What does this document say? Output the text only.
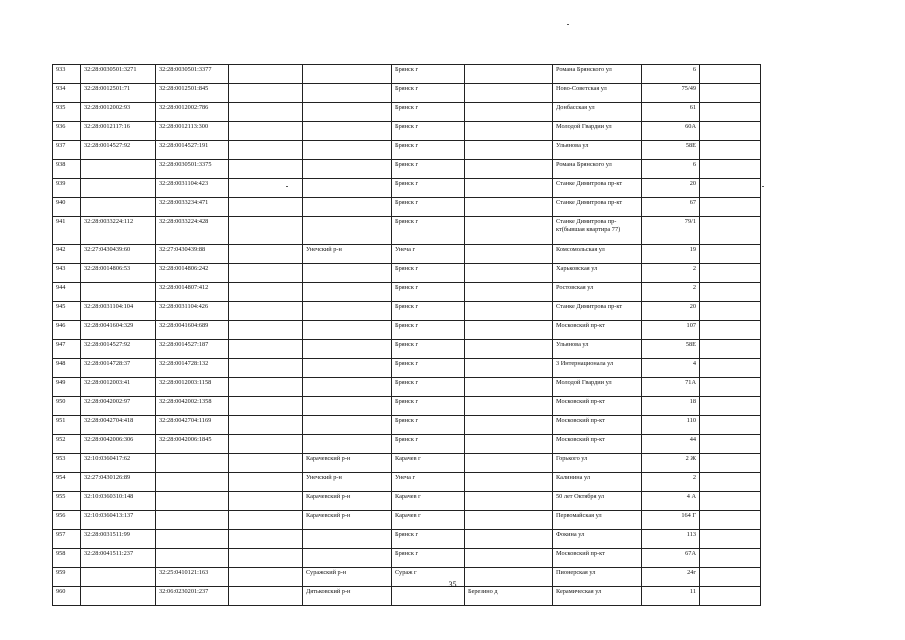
933	32:28:0030501:3271	32:28:0030501:3377			Брянск г		Романа Брянского ул	6	
934	32:28:0012501:71	32:28:0012501:845			Брянск г		Ново-Советская ул	75/49	
935	32:28:0012002:93	32:28:0012002:786			Брянск г		Донбасская ул	61	
936	32:28:0012117:16	32:28:0012113:300			Брянск г		Молодой Гвардии ул	60А	
937	32:28:0014527:92	32:28:0014527:191			Брянск г		Ульянова ул	58Е	
938		32:28:0030501:3375			Брянск г		Романа Брянского ул	6	
939		32:28:0031104:423			Брянск г		Станке Димитрова пр-кт	20	
940		32:28:0033234:471			Брянск г		Станке Димитрова пр-кт	67	
941	32:28:0033224:112	32:28:0033224:428			Брянск г		Станке Димитрова пр-кт(бывшая квартира 77)	79/1	
942	32:27:0430439:60	32:27:0430439:88		Унечский р-н	Унеча г		Комсомольская ул	19	
943	32:28:0014806:53	32:28:0014806:242			Брянск г		Харьковская ул	2	
944		32:28:0014807:412			Брянск г		Ростовская ул	2	
945	32:28:0031104:104	32:28:0031104:426			Брянск г		Станке Димитрова пр-кт	20	
946	32:28:0041604:329	32:28:0041604:689			Брянск г		Московский пр-кт	107	
947	32:28:0014527:92	32:28:0014527:187			Брянск г		Ульянова ул	58Е	
948	32:28:0014728:37	32:28:0014728:132			Брянск г		3 Интернационала ул	4	
949	32:28:0012003:41	32:28:0012003:1158			Брянск г		Молодой Гвардии ул	71А	
950	32:28:0042002:97	32:28:0042002:1358			Брянск г		Московский пр-кт	18	
951	32:28:0042704:418	32:28:0042704:1169			Брянск г		Московский пр-кт	110	
952	32:28:0042006:306	32:28:0042006:1845			Брянск г		Московский пр-кт	44	
953	32:10:0360417:62			Карачевский р-н	Карачев г		Горького ул	2 Ж	
954	32:27:0430126:89			Унечский р-н	Унеча г		Калинина ул	2	
955	32:10:0360310:148			Карачевский р-н	Карачев г		50 лет Октября ул	4 А	
956	32:10:0360413:137			Карачевский р-н	Карачев г		Первомайская ул	164 Г	
957	32:28:0031511:99				Брянск г		Фокина ул	113	
958	32:28:0041511:237				Брянск г		Московский пр-кт	67А	
959		32:25:0410121:163		Суражский р-н	Сураж г		Пионерская ул	24г	
960		32:06:0230201:237		Дятьковский р-н		Березино д	Керамическая ул	11	
35
